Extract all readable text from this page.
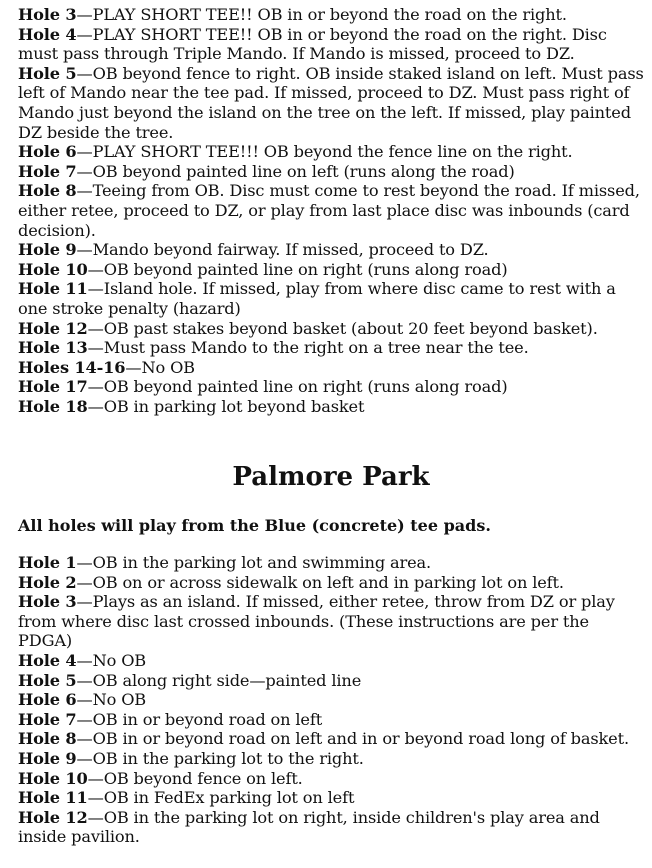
Hole 3—PLAY SHORT TEE!! OB in or beyond the road on the right.

Hole 4—PLAY SHORT TEE!! OB in or beyond the road on the right. Disc must pass through Triple Mando. If Mando is missed, proceed to DZ.

Hole 5—OB beyond fence to right. OB inside staked island on left. Must pass left of Mando near the tee pad. If missed, proceed to DZ. Must pass right of Mando just beyond the island on the tree on the left. If missed, play painted DZ beside the tree.

Hole 6—PLAY SHORT TEE!!! OB beyond the fence line on the right.

Hole 7—OB beyond painted line on left (runs along the road)

Hole 8—Teeing from OB. Disc must come to rest beyond the road. If missed, either retee, proceed to DZ, or play from last place disc was inbounds (card decision).

Hole 9—Mando beyond fairway. If missed, proceed to DZ.

Hole 10—OB beyond painted line on right (runs along road)

Hole 11—Island hole. If missed, play from where disc came to rest with a one stroke penalty (hazard)

Hole 12—OB past stakes beyond basket (about 20 feet beyond basket).

Hole 13—Must pass Mando to the right on a tree near the tee.

Holes 14-16—No OB

Hole 17—OB beyond painted line on right (runs along road)

Hole 18—OB in parking lot beyond basket

Palmore Park

All holes will play from the Blue (concrete) tee pads.

Hole 1—OB in the parking lot and swimming area.

Hole 2—OB on or across sidewalk on left and in parking lot on left.

Hole 3—Plays as an island. If missed, either retee, throw from DZ or play from where disc last crossed inbounds. (These instructions are per the PDGA)

Hole 4—No OB

Hole 5—OB along right side—painted line

Hole 6—No OB

Hole 7—OB in or beyond road on left

Hole 8—OB in or beyond road on left and in or beyond road long of basket.

Hole 9—OB in the parking lot to the right.

Hole 10—OB beyond fence on left.

Hole 11—OB in FedEx parking lot on left

Hole 12—OB in the parking lot on right, inside children's play area and inside pavilion.
